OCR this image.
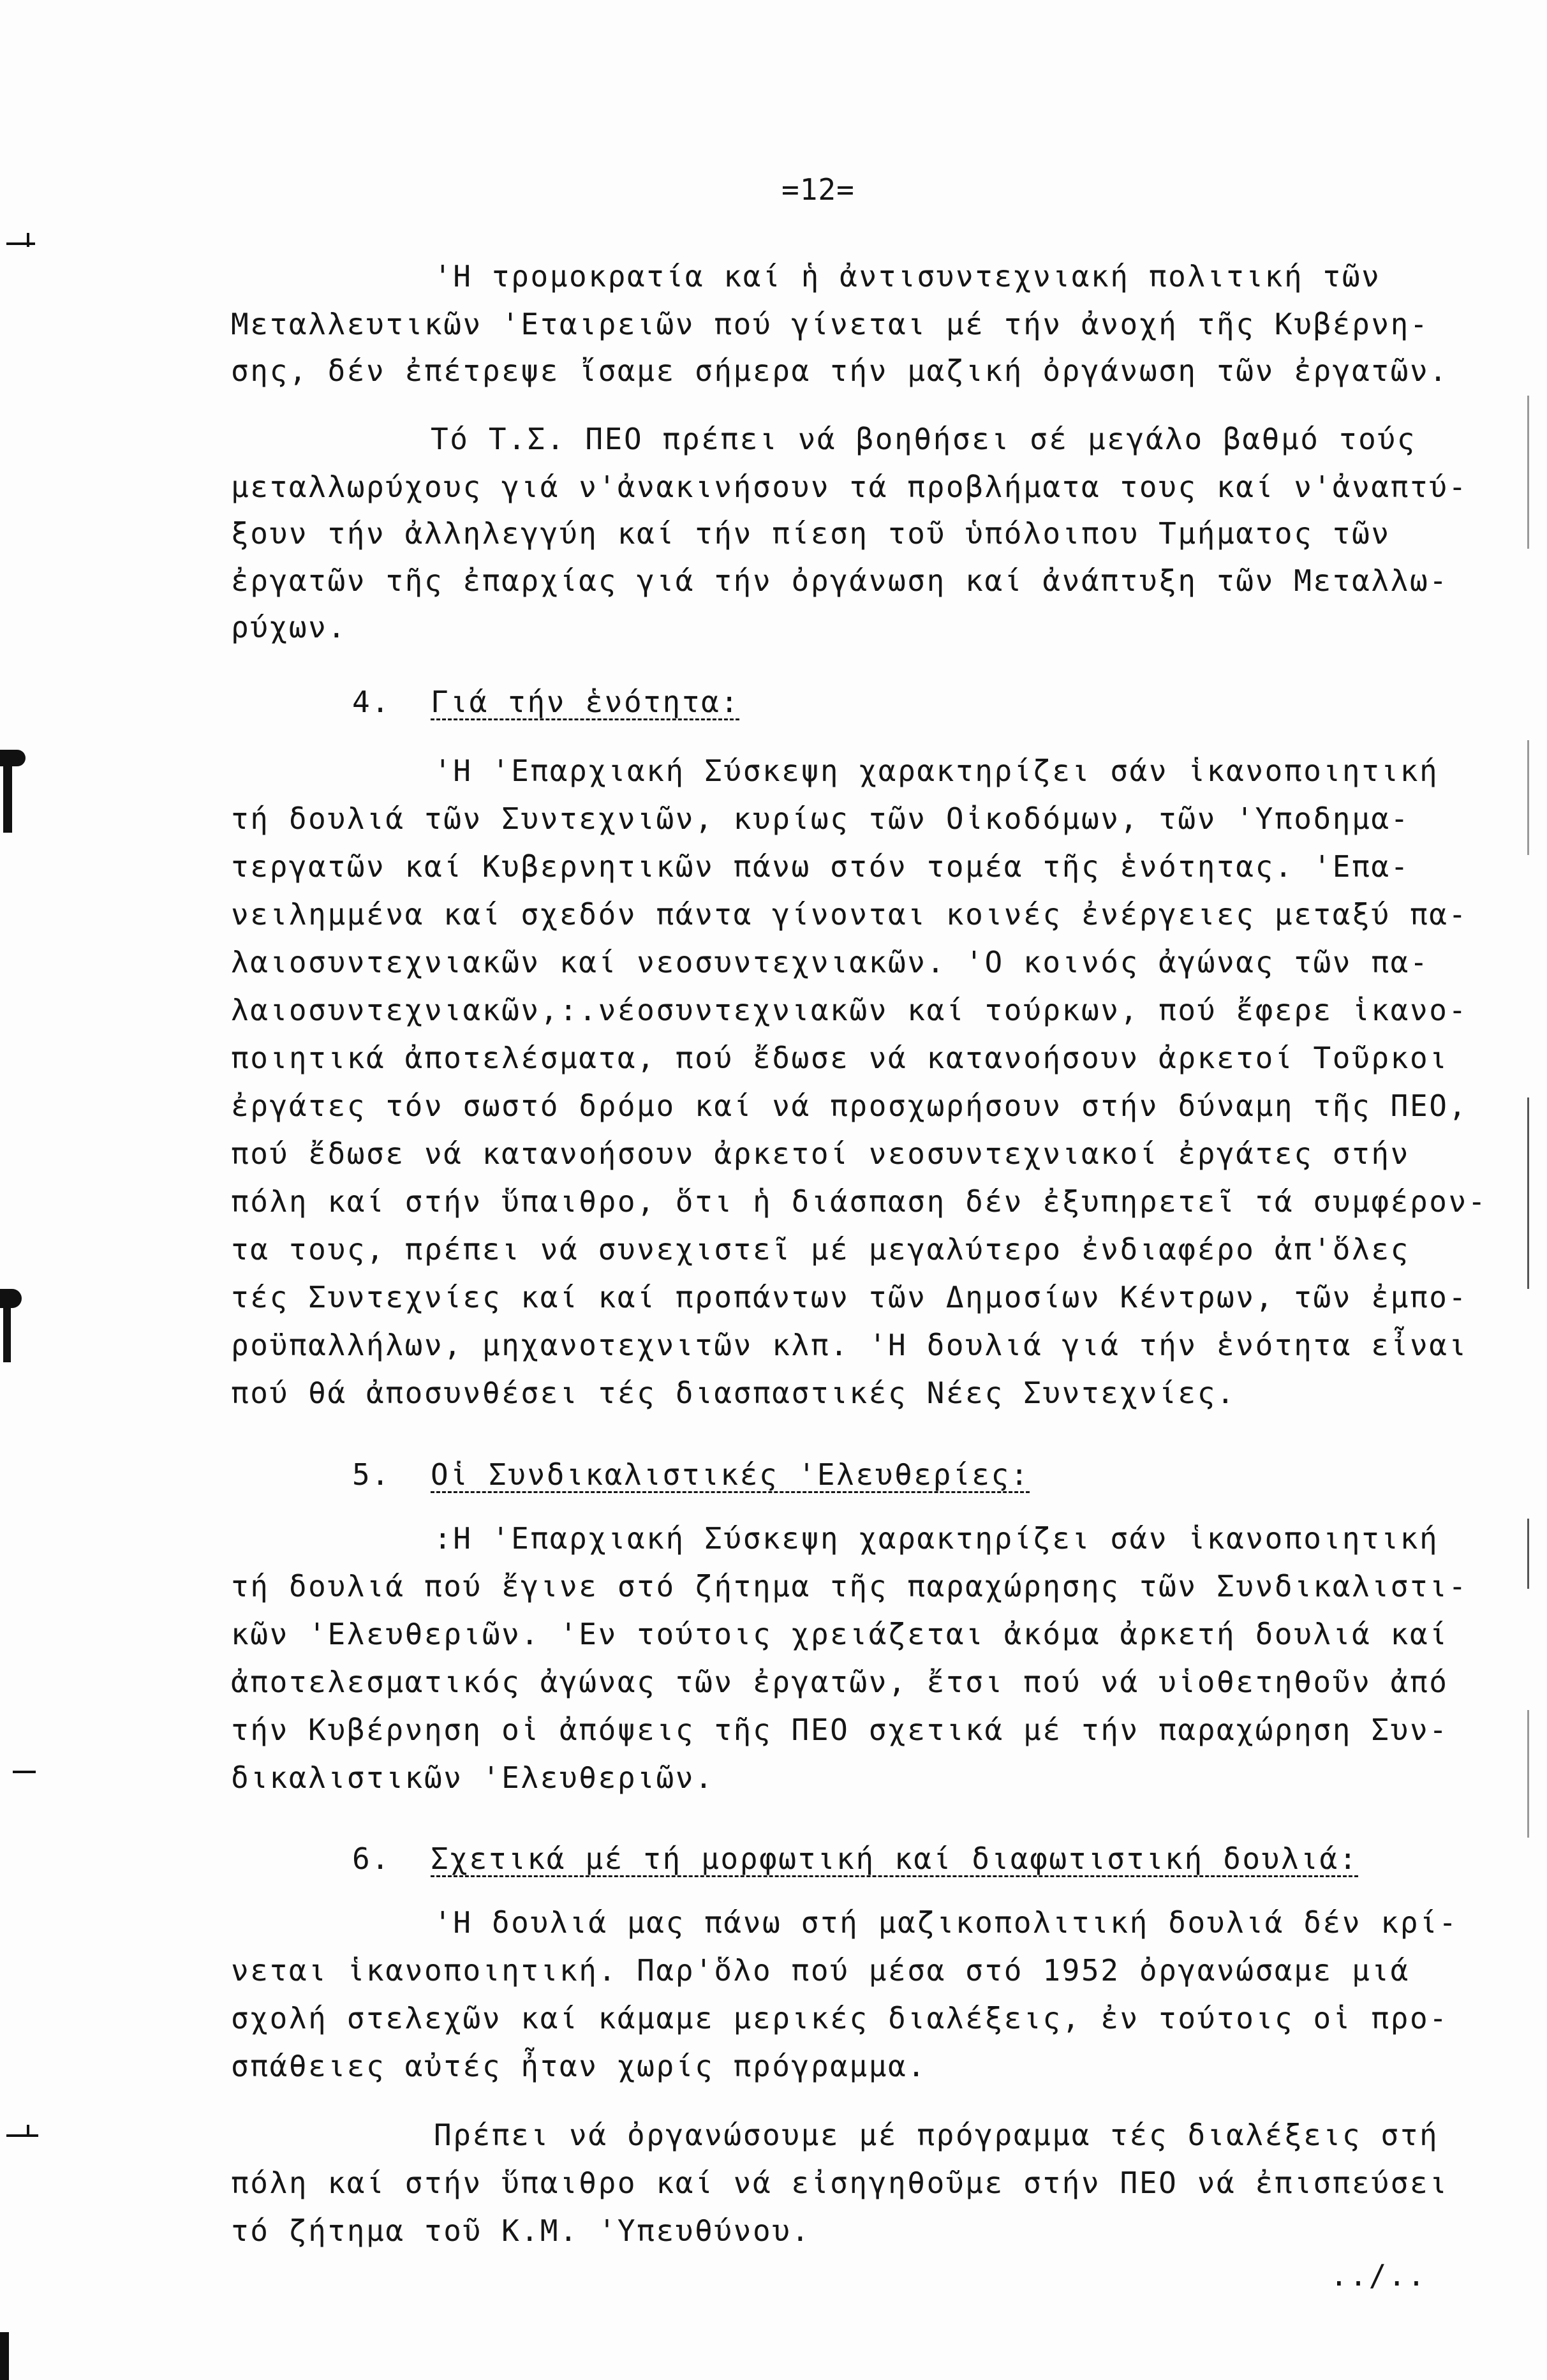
=12=
'Η τρομοκρατία καί ἡ ἀντισυντεχνιακή πολιτική τῶν
Μεταλλευτικῶν 'Εταιρειῶν πού γίνεται μέ τήν ἀνοχή τῆς Κυβέρνη-
σης, δέν ἐπέτρεψε ἴσαμε σήμερα τήν μαζική ὀργάνωση τῶν ἐργατῶν.
Τό Τ.Σ. ΠΕΟ πρέπει νά βοηθήσει σέ μεγάλο βαθμό τούς
μεταλλωρύχους γιά ν'ἀνακινήσουν τά προβλήματα τους καί ν'ἀναπτύ-
ξουν τήν ἀλληλεγγύη καί τήν πίεση τοῦ ὑπόλοιπου Τμήματος τῶν
ἐργατῶν τῆς ἐπαρχίας γιά τήν ὀργάνωση καί ἀνάπτυξη τῶν Μεταλλω-
ρύχων.
4. Γιά τήν ἑνότητα:
'Η 'Επαρχιακή Σύσκεψη χαρακτηρίζει σάν ἱκανοποιητική
τή δουλιά τῶν Συντεχνιῶν, κυρίως τῶν Οἰκοδόμων, τῶν 'Υποδημα-
τεργατῶν καί Κυβερνητικῶν πάνω στόν τομέα τῆς ἑνότητας. 'Επα-
νειλημμένα καί σχεδόν πάντα γίνονται κοινές ἐνέργειες μεταξύ πα-
λαιοσυντεχνιακῶν καί νεοσυντεχνιακῶν. 'Ο κοινός ἀγώνας τῶν πα-
λαιοσυντεχνιακῶν,:.νέοσυντεχνιακῶν καί τούρκων, πού ἔφερε ἱκανο-
ποιητικά ἀποτελέσματα, πού ἔδωσε νά κατανοήσουν ἀρκετοί Τοῦρκοι
ἐργάτες τόν σωστό δρόμο καί νά προσχωρήσουν στήν δύναμη τῆς ΠΕΟ,
πού ἔδωσε νά κατανοήσουν ἀρκετοί νεοσυντεχνιακοί ἐργάτες στήν
πόλη καί στήν ὕπαιθρο, ὅτι ἡ διάσπαση δέν ἐξυπηρετεῖ τά συμφέρον-
τα τους, πρέπει νά συνεχιστεῖ μέ μεγαλύτερο ἐνδιαφέρο ἀπ'ὅλες
τές Συντεχνίες καί καί προπάντων τῶν Δημοσίων Κέντρων, τῶν ἐμπο-
ροϋπαλλήλων, μηχανοτεχνιτῶν κλπ. 'Η δουλιά γιά τήν ἑνότητα εἶναι
πού θά ἀποσυνθέσει τές διασπαστικές Νέες Συντεχνίες.
5. Οἱ Συνδικαλιστικές 'Ελευθερίες:
:Η 'Επαρχιακή Σύσκεψη χαρακτηρίζει σάν ἱκανοποιητική
τή δουλιά πού ἔγινε στό ζήτημα τῆς παραχώρησης τῶν Συνδικαλιστι-
κῶν 'Ελευθεριῶν. 'Εν τούτοις χρειάζεται ἀκόμα ἀρκετή δουλιά καί
ἀποτελεσματικός ἀγώνας τῶν ἐργατῶν, ἔτσι πού νά υἱοθετηθοῦν ἀπό
τήν Κυβέρνηση οἱ ἀπόψεις τῆς ΠΕΟ σχετικά μέ τήν παραχώρηση Συν-
δικαλιστικῶν 'Ελευθεριῶν.
6. Σχετικά μέ τή μορφωτική καί διαφωτιστική δουλιά:
'Η δουλιά μας πάνω στή μαζικοπολιτική δουλιά δέν κρί-
νεται ἱκανοποιητική. Παρ'ὅλο πού μέσα στό 1952 ὀργανώσαμε μιά
σχολή στελεχῶν καί κάμαμε μερικές διαλέξεις, ἐν τούτοις οἱ προ-
σπάθειες αὐτές ἦταν χωρίς πρόγραμμα.
Πρέπει νά ὀργανώσουμε μέ πρόγραμμα τές διαλέξεις στή
πόλη καί στήν ὕπαιθρο καί νά εἰσηγηθοῦμε στήν ΠΕΟ νά ἐπισπεύσει
τό ζήτημα τοῦ Κ.Μ. 'Υπευθύνου.
../..
